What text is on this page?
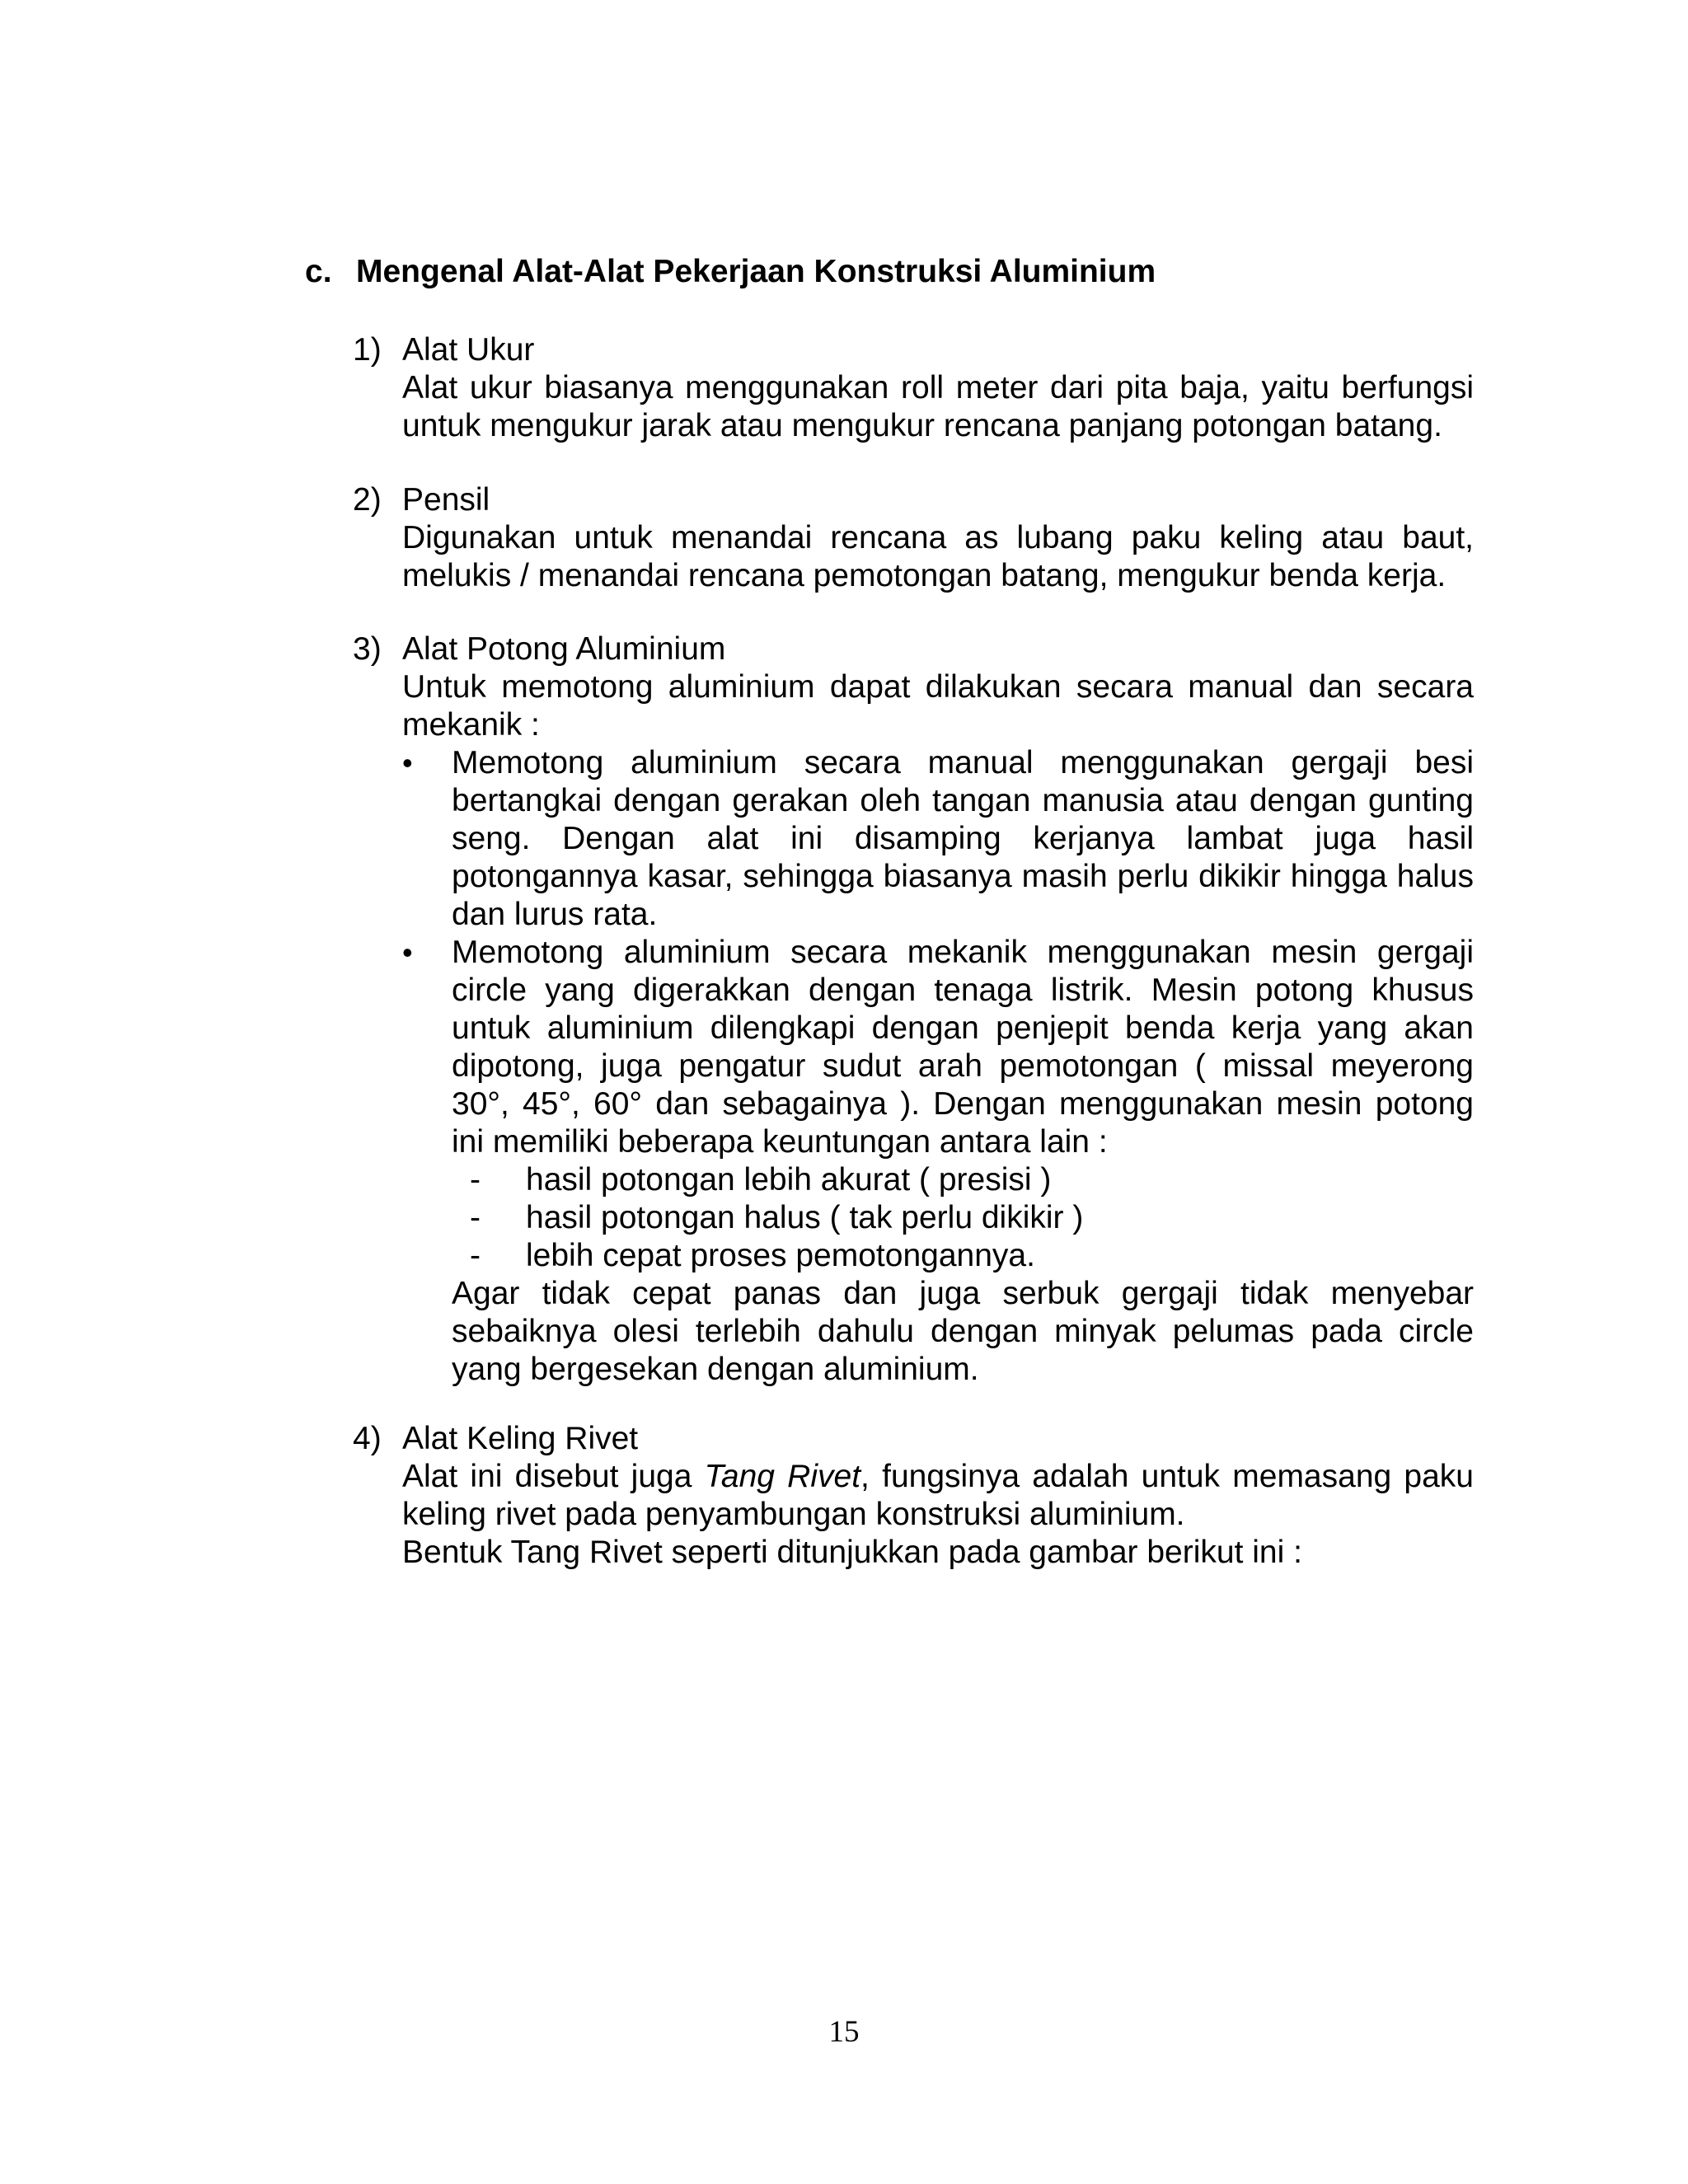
c. Mengenal Alat-Alat Pekerjaan Konstruksi Aluminium
1) Alat Ukur
Alat ukur biasanya menggunakan roll meter dari pita baja, yaitu berfungsi untuk mengukur jarak atau mengukur rencana panjang potongan batang.
2) Pensil
Digunakan untuk menandai rencana as lubang paku keling atau baut, melukis / menandai rencana pemotongan batang, mengukur benda kerja.
3) Alat Potong Aluminium
Untuk memotong aluminium dapat dilakukan secara manual dan secara mekanik :
•	Memotong aluminium secara manual menggunakan gergaji besi bertangkai dengan gerakan oleh tangan manusia atau dengan gunting seng. Dengan alat ini disamping kerjanya lambat juga hasil potongannya kasar, sehingga biasanya masih perlu dikikir hingga halus dan lurus rata.
•	Memotong aluminium secara mekanik menggunakan mesin gergaji circle yang digerakkan dengan tenaga listrik. Mesin potong khusus untuk aluminium dilengkapi dengan penjepit benda kerja yang akan dipotong, juga pengatur sudut arah pemotongan ( missal meyerong 30°, 45°, 60° dan sebagainya ). Dengan menggunakan mesin potong ini memiliki beberapa keuntungan antara lain :
-	hasil potongan lebih akurat ( presisi )
-	hasil potongan halus ( tak perlu dikikir )
-	lebih cepat proses pemotongannya.
Agar tidak cepat panas dan juga serbuk gergaji tidak menyebar sebaiknya olesi terlebih dahulu dengan minyak pelumas pada circle yang bergesekan dengan aluminium.
4) Alat Keling Rivet
Alat ini disebut juga Tang Rivet, fungsinya adalah untuk memasang paku keling rivet pada penyambungan konstruksi aluminium.
Bentuk Tang Rivet seperti ditunjukkan pada gambar berikut ini :
15
